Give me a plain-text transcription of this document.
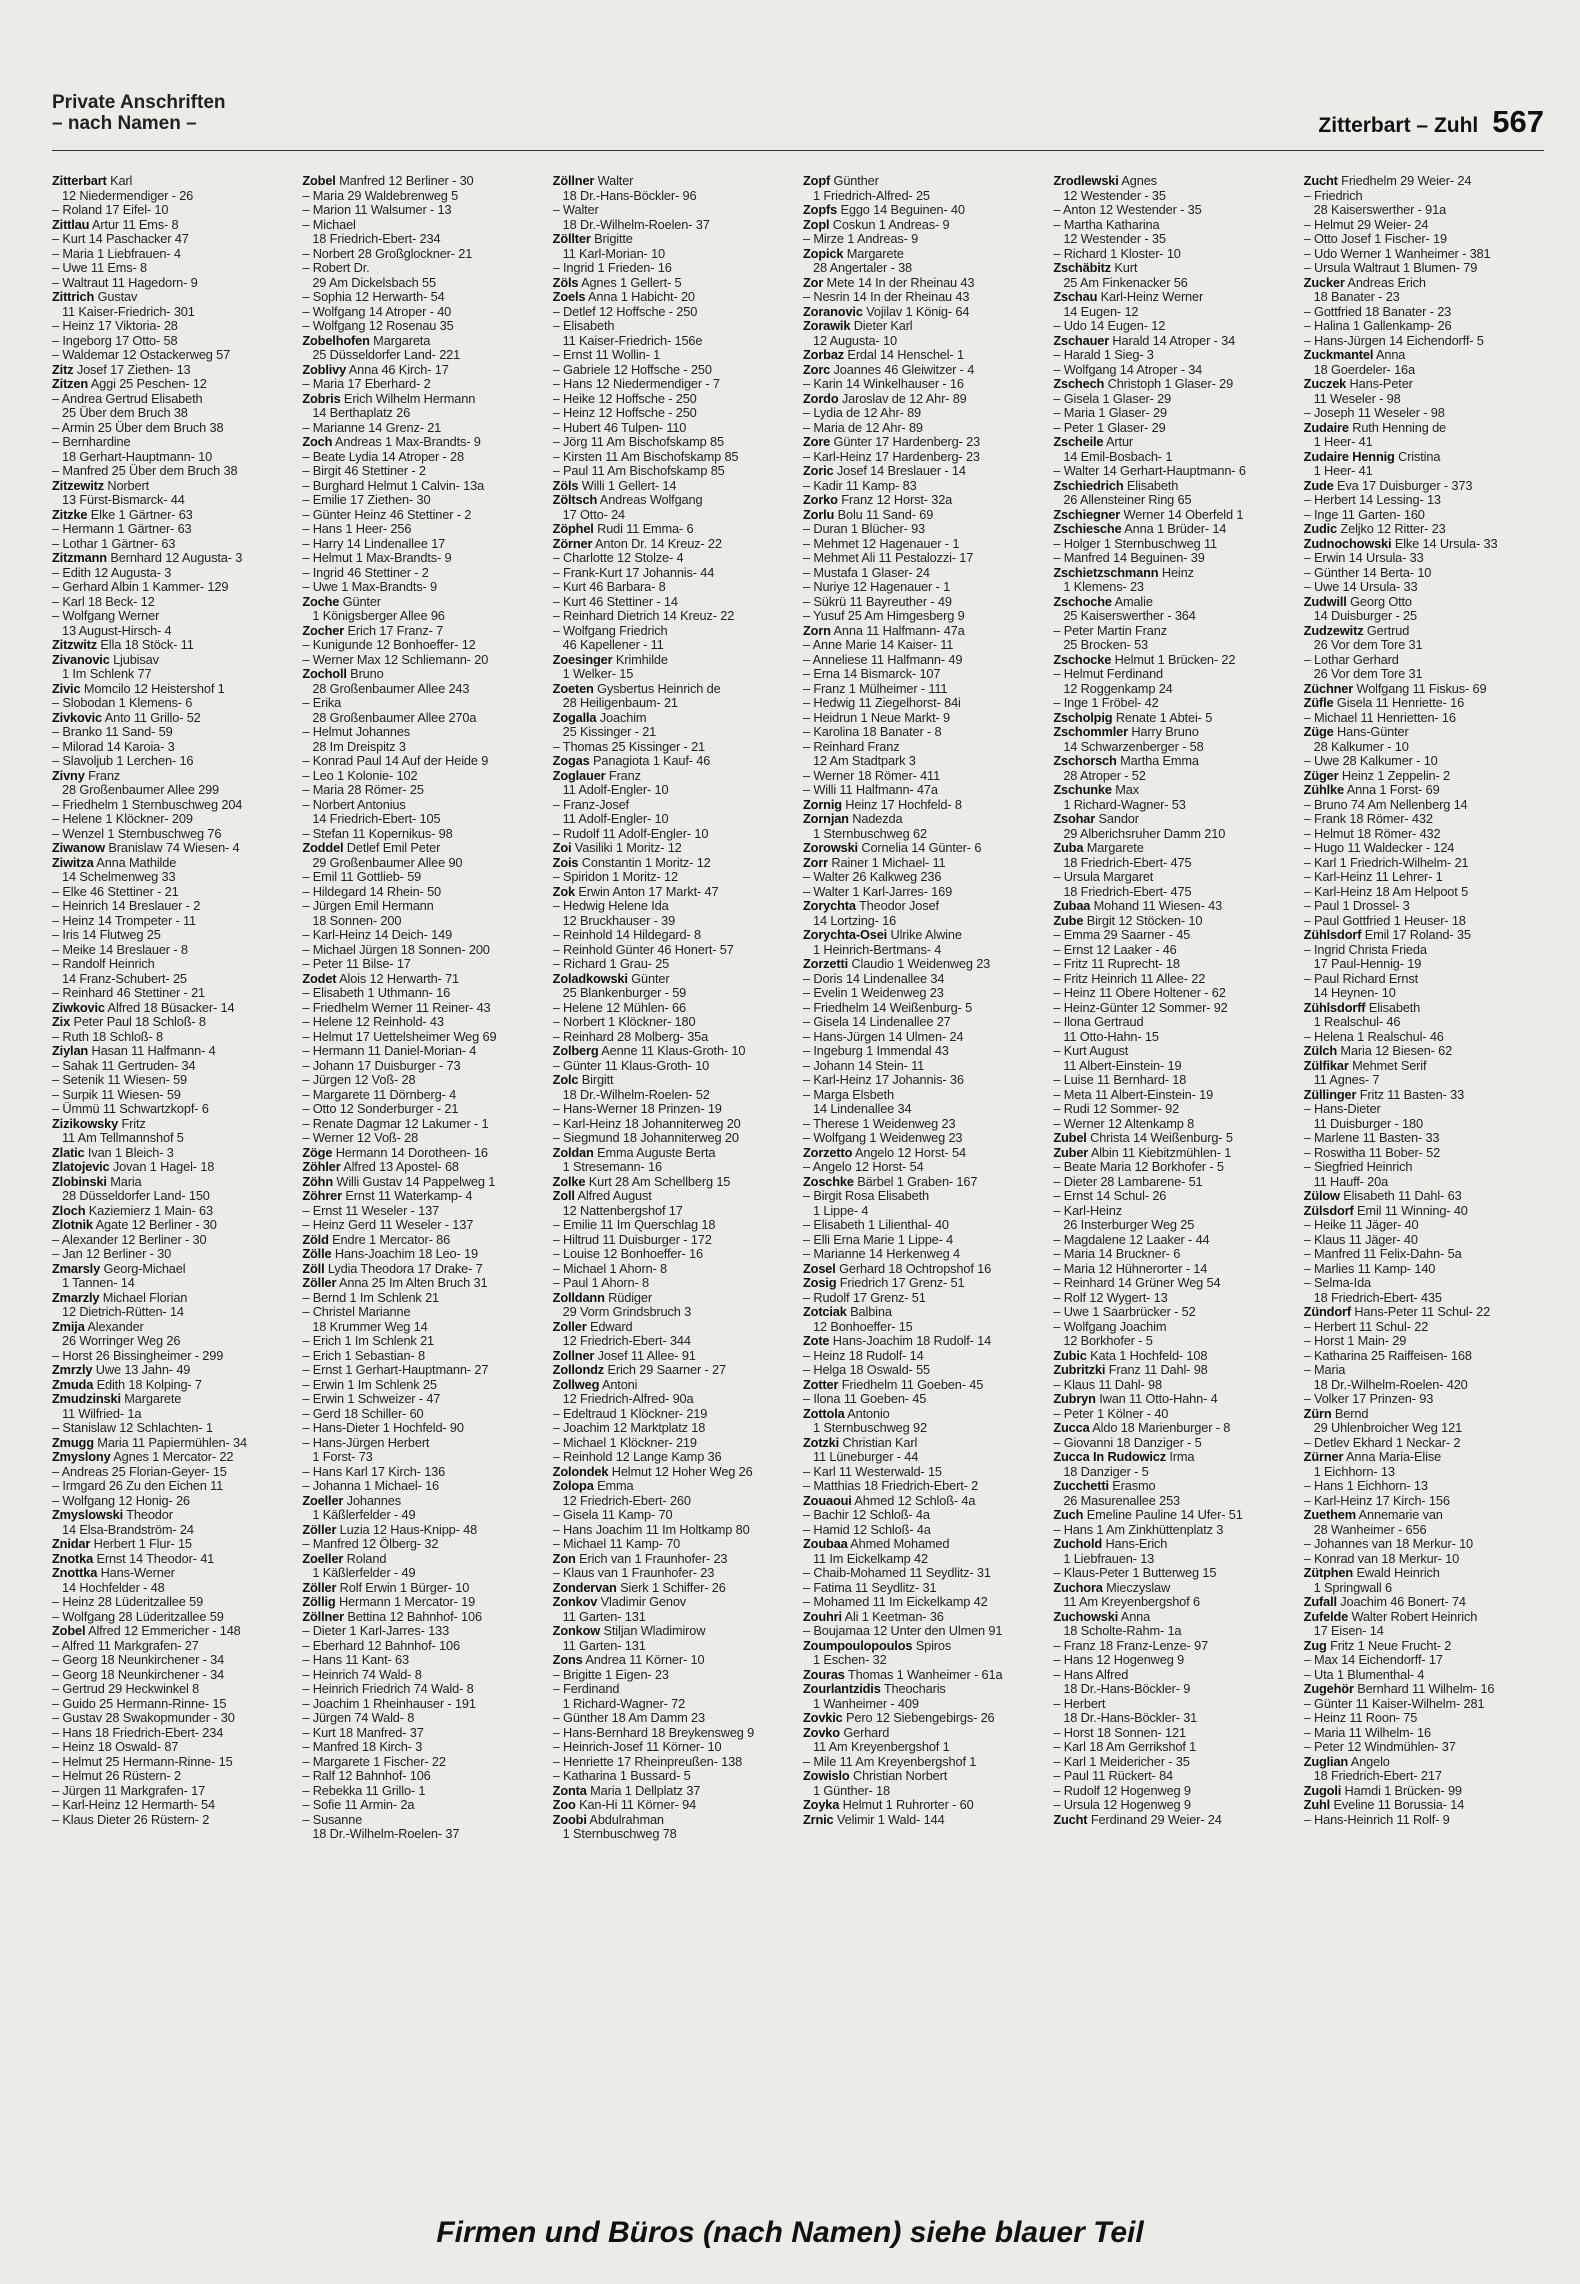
Private Anschriften
– nach Namen –	Zitterbart – Zuhl 567
Zitterbart Karl
12 Niedermendiger - 26
– Roland 17 Eifel- 10
Zittlau Artur 11 Ems- 8
– Kurt 14 Paschacker 47
– Maria 1 Liebfrauen- 4
– Uwe 11 Ems- 8
– Waltraut 11 Hagedorn- 9
Zittrich Gustav
11 Kaiser-Friedrich- 301
– Heinz 17 Viktoria- 28
– Ingeborg 17 Otto- 58
– Waldemar 12 Ostackerweg 57
Zitz Josef 17 Ziethen- 13
Zitzen Aggi 25 Peschen- 12
– Andrea Gertrud Elisabeth
25 Über dem Bruch 38
– Armin 25 Über dem Bruch 38
– Bernhardine
18 Gerhart-Hauptmann- 10
– Manfred 25 Über dem Bruch 38
Zitzewitz Norbert
13 Fürst-Bismarck- 44
Zitzke Elke 1 Gärtner- 63
– Hermann 1 Gärtner- 63
– Lothar 1 Gärtner- 63
Zitzmann Bernhard 12 Augusta- 3
– Edith 12 Augusta- 3
– Gerhard Albin 1 Kammer- 129
– Karl 18 Beck- 12
– Wolfgang Werner
13 August-Hirsch- 4
Zitzwitz Ella 18 Stöck- 11
Zivanovic Ljubisav
1 Im Schlenk 77
Zivic Momcilo 12 Heistershof 1
– Slobodan 1 Klemens- 6
Zivkovic Anto 11 Grillo- 52
– Branko 11 Sand- 59
– Milorad 14 Karoia- 3
– Slavoljub 1 Lerchen- 16
Zivny Franz
28 Großenbaumer Allee 299
– Friedhelm 1 Sternbuschweg 204
– Helene 1 Klöckner- 209
– Wenzel 1 Sternbuschweg 76
Ziwanow Branislaw 74 Wiesen- 4
Ziwitza Anna Mathilde
14 Schelmenweg 33
– Elke 46 Stettiner - 21
– Heinrich 14 Breslauer - 2
– Heinz 14 Trompeter - 11
– Iris 14 Flutweg 25
– Meike 14 Breslauer - 8
– Randolf Heinrich
14 Franz-Schubert- 25
– Reinhard 46 Stettiner - 21
Ziwkovic Alfred 18 Büsacker- 14
Zix Peter Paul 18 Schloß- 8
– Ruth 18 Schloß- 8
Ziylan Hasan 11 Halfmann- 4
– Sahak 11 Gertruden- 34
– Setenik 11 Wiesen- 59
– Surpik 11 Wiesen- 59
– Ümmü 11 Schwartzkopf- 6
Zizikowsky Fritz
11 Am Tellmannshof 5
Zlatic Ivan 1 Bleich- 3
Zlatojevic Jovan 1 Hagel- 18
Zlobinski Maria
28 Düsseldorfer Land- 150
Zloch Kaziemierz 1 Main- 63
Zlotnik Agate 12 Berliner - 30
– Alexander 12 Berliner - 30
– Jan 12 Berliner - 30
Zmarsly Georg-Michael
1 Tannen- 14
Zmarzly Michael Florian
12 Dietrich-Rütten- 14
Zmija Alexander
26 Worringer Weg 26
– Horst 26 Bissingheimer - 299
Zmrzly Uwe 13 Jahn- 49
Zmuda Edith 18 Kolping- 7
Zmudzinski Margarete
11 Wilfried- 1a
– Stanislaw 12 Schlachten- 1
Zmugg Maria 11 Papiermühlen- 34
Zmyslony Agnes 1 Mercator- 22
– Andreas 25 Florian-Geyer- 15
– Irmgard 26 Zu den Eichen 11
– Wolfgang 12 Honig- 26
Zmyslowski Theodor
14 Elsa-Brandström- 24
Znidar Herbert 1 Flur- 15
Znotka Ernst 14 Theodor- 41
Znottka Hans-Werner
14 Hochfelder - 48
– Heinz 28 Lüderitzallee 59
– Wolfgang 28 Lüderitzallee 59
Zobel Alfred 12 Emmericher - 148
– Alfred 11 Markgrafen- 27
– Georg 18 Neunkirchener - 34
– Georg 18 Neunkirchener - 34
– Gertrud 29 Heckwinkel 8
– Guido 25 Hermann-Rinne- 15
– Gustav 28 Swakopmunder - 30
– Hans 18 Friedrich-Ebert- 234
– Heinz 18 Oswald- 87
– Helmut 25 Hermann-Rinne- 15
– Helmut 26 Rüstern- 2
– Jürgen 11 Markgrafen- 17
– Karl-Heinz 12 Hermarth- 54
– Klaus Dieter 26 Rüstern- 2
Zobel Manfred 12 Berliner - 30
– Maria 29 Waldebrenweg 5
– Marion 11 Walsumer - 13
– Michael
18 Friedrich-Ebert- 234
– Norbert 28 Großglockner- 21
– Robert Dr.
29 Am Dickelsbach 55
– Sophia 12 Herwarth- 54
– Wolfgang 14 Atroper - 40
– Wolfgang 12 Rosenau 35
Zobelhofen Margareta
25 Düsseldorfer Land- 221
Zoblivy Anna 46 Kirch- 17
– Maria 17 Eberhard- 2
Zobris Erich Wilhelm Hermann
14 Berthaplatz 26
– Marianne 14 Grenz- 21
Zoch Andreas 1 Max-Brandts- 9
– Beate Lydia 14 Atroper - 28
– Birgit 46 Stettiner - 2
– Burghard Helmut 1 Calvin- 13a
– Emilie 17 Ziethen- 30
– Günter Heinz 46 Stettiner - 2
– Hans 1 Heer- 256
– Harry 14 Lindenallee 17
– Helmut 1 Max-Brandts- 9
– Ingrid 46 Stettiner - 2
– Uwe 1 Max-Brandts- 9
Zoche Günter
1 Königsberger Allee 96
Zocher Erich 17 Franz- 7
– Kunigunde 12 Bonhoeffer- 12
– Werner Max 12 Schliemann- 20
Zocholl Bruno
28 Großenbaumer Allee 243
– Erika
28 Großenbaumer Allee 270a
– Helmut Johannes
28 Im Dreispitz 3
– Konrad Paul 14 Auf der Heide 9
– Leo 1 Kolonie- 102
– Maria 28 Römer- 25
– Norbert Antonius
14 Friedrich-Ebert- 105
– Stefan 11 Kopernikus- 98
Zoddel Detlef Emil Peter
29 Großenbaumer Allee 90
– Emil 11 Gottlieb- 59
– Hildegard 14 Rhein- 50
– Jürgen Emil Hermann
18 Sonnen- 200
– Karl-Heinz 14 Deich- 149
– Michael Jürgen 18 Sonnen- 200
– Peter 11 Bilse- 17
Zodet Alois 12 Herwarth- 71
– Elisabeth 1 Uthmann- 16
– Friedhelm Werner 11 Reiner- 43
– Helene 12 Reinhold- 43
– Helmut 17 Uettelsheimer Weg 69
– Hermann 11 Daniel-Morian- 4
– Johann 17 Duisburger - 73
– Jürgen 12 Voß- 28
– Margarete 11 Dörnberg- 4
– Otto 12 Sonderburger - 21
– Renate Dagmar 12 Lakumer - 1
– Werner 12 Voß- 28
Zöge Hermann 14 Dorotheen- 16
Zöhler Alfred 13 Apostel- 68
Zöhn Willi Gustav 14 Pappelweg 1
Zöhrer Ernst 11 Waterkamp- 4
– Ernst 11 Weseler - 137
– Heinz Gerd 11 Weseler - 137
Zöld Endre 1 Mercator- 86
Zölle Hans-Joachim 18 Leo- 19
Zöll Lydia Theodora 17 Drake- 7
Zöller Anna 25 Im Alten Bruch 31
– Bernd 1 Im Schlenk 21
– Christel Marianne
18 Krummer Weg 14
– Erich 1 Im Schlenk 21
– Erich 1 Sebastian- 8
– Ernst 1 Gerhart-Hauptmann- 27
– Erwin 1 Im Schlenk 25
– Erwin 1 Schweizer - 47
– Gerd 18 Schiller- 60
– Hans-Dieter 1 Hochfeld- 90
– Hans-Jürgen Herbert
1 Forst- 73
– Hans Karl 17 Kirch- 136
– Johanna 1 Michael- 16
Zoeller Johannes
1 Käßlerfelder - 49
Zöller Luzia 12 Haus-Knipp- 48
– Manfred 12 Ölberg- 32
Zoeller Roland
1 Käßlerfelder - 49
Zöller Rolf Erwin 1 Bürger- 10
Zöllig Hermann 1 Mercator- 19
Zöllner Bettina 12 Bahnhof- 106
– Dieter 1 Karl-Jarres- 133
– Eberhard 12 Bahnhof- 106
– Hans 11 Kant- 63
– Heinrich 74 Wald- 8
– Heinrich Friedrich 74 Wald- 8
– Joachim 1 Rheinhauser - 191
– Jürgen 74 Wald- 8
– Kurt 18 Manfred- 37
– Manfred 18 Kirch- 3
– Margarete 1 Fischer- 22
– Ralf 12 Bahnhof- 106
– Rebekka 11 Grillo- 1
– Sofie 11 Armin- 2a
– Susanne
18 Dr.-Wilhelm-Roelen- 37
Zöllner Walter
18 Dr.-Hans-Böckler- 96
– Walter
18 Dr.-Wilhelm-Roelen- 37
Zöllter Brigitte
11 Karl-Morian- 10
– Ingrid 1 Frieden- 16
Zöls Agnes 1 Gellert- 5
Zoels Anna 1 Habicht- 20
– Detlef 12 Hoffsche - 250
– Elisabeth
11 Kaiser-Friedrich- 156e
– Ernst 11 Wollin- 1
– Gabriele 12 Hoffsche - 250
– Hans 12 Niedermendiger - 7
– Heike 12 Hoffsche - 250
– Heinz 12 Hoffsche - 250
– Hubert 46 Tulpen- 110
– Jörg 11 Am Bischofskamp 85
– Kirsten 11 Am Bischofskamp 85
– Paul 11 Am Bischofskamp 85
Zöls Willi 1 Gellert- 14
Zöltsch Andreas Wolfgang
17 Otto- 24
Zöphel Rudi 11 Emma- 6
Zörner Anton Dr. 14 Kreuz- 22
– Charlotte 12 Stolze- 4
– Frank-Kurt 17 Johannis- 44
– Kurt 46 Barbara- 8
– Kurt 46 Stettiner - 14
– Reinhard Dietrich 14 Kreuz- 22
– Wolfgang Friedrich
46 Kapellener - 11
Zoesinger Krimhilde
1 Welker- 15
Zoeten Gysbertus Heinrich de
28 Heiligenbaum- 21
Zogalla Joachim
25 Kissinger - 21
– Thomas 25 Kissinger - 21
Zogas Panagiota 1 Kauf- 46
Zoglauer Franz
11 Adolf-Engler- 10
– Franz-Josef
11 Adolf-Engler- 10
– Rudolf 11 Adolf-Engler- 10
Zoi Vasiliki 1 Moritz- 12
Zois Constantin 1 Moritz- 12
– Spiridon 1 Moritz- 12
Zok Erwin Anton 17 Markt- 47
– Hedwig Helene Ida
12 Bruckhauser - 39
– Reinhold 14 Hildegard- 8
– Reinhold Günter 46 Honert- 57
– Richard 1 Grau- 25
Zoladkowski Günter
25 Blankenburger - 59
– Helene 12 Mühlen- 66
– Norbert 1 Klöckner- 180
– Reinhard 28 Molberg- 35a
Zolberg Aenne 11 Klaus-Groth- 10
– Günter 11 Klaus-Groth- 10
Zolc Birgitt
18 Dr.-Wilhelm-Roelen- 52
– Hans-Werner 18 Prinzen- 19
– Karl-Heinz 18 Johanniterweg 20
– Siegmund 18 Johanniterweg 20
Zoldan Emma Auguste Berta
1 Stresemann- 16
Zolke Kurt 28 Am Schellberg 15
Zoll Alfred August
12 Nattenbergshof 17
– Emilie 11 Im Querschlag 18
– Hiltrud 11 Duisburger - 172
– Louise 12 Bonhoeffer- 16
– Michael 1 Ahorn- 8
– Paul 1 Ahorn- 8
Zolldann Rüdiger
29 Vorm Grindsbruch 3
Zoller Edward
12 Friedrich-Ebert- 344
Zollner Josef 11 Allee- 91
Zollondz Erich 29 Saarner - 27
Zollweg Antoni
12 Friedrich-Alfred- 90a
– Edeltraud 1 Klöckner- 219
– Joachim 12 Marktplatz 18
– Michael 1 Klöckner- 219
– Reinhold 12 Lange Kamp 36
Zolondek Helmut 12 Hoher Weg 26
Zolopa Emma
12 Friedrich-Ebert- 260
– Gisela 11 Kamp- 70
– Hans Joachim 11 Im Holtkamp 80
– Michael 11 Kamp- 70
Zon Erich van 1 Fraunhofer- 23
– Klaus van 1 Fraunhofer- 23
Zondervan Sierk 1 Schiffer- 26
Zonkov Vladimir Genov
11 Garten- 131
Zonkow Stiljan Wladimirow
11 Garten- 131
Zons Andrea 11 Körner- 10
– Brigitte 1 Eigen- 23
– Ferdinand
1 Richard-Wagner- 72
– Günther 18 Am Damm 23
– Hans-Bernhard 18 Breykensweg 9
– Heinrich-Josef 11 Körner- 10
– Henriette 17 Rheinpreußen- 138
– Katharina 1 Bussard- 5
Zonta Maria 1 Dellplatz 37
Zoo Kan-Hi 11 Körner- 94
Zoobi Abdulrahman
1 Sternbuschweg 78
Zopf Günther
1 Friedrich-Alfred- 25
Zopfs Eggo 14 Beguinen- 40
Zopl Coskun 1 Andreas- 9
– Mirze 1 Andreas- 9
Zopick Margarete
28 Angertaler - 38
Zor Mete 14 In der Rheinau 43
– Nesrin 14 In der Rheinau 43
Zoranovic Vojilav 1 König- 64
Zorawik Dieter Karl
12 Augusta- 10
Zorbaz Erdal 14 Henschel- 1
Zorc Joannes 46 Gleiwitzer - 4
– Karin 14 Winkelhauser - 16
Zordo Jaroslav de 12 Ahr- 89
– Lydia de 12 Ahr- 89
– Maria de 12 Ahr- 89
Zore Günter 17 Hardenberg- 23
– Karl-Heinz 17 Hardenberg- 23
Zoric Josef 14 Breslauer - 14
– Kadir 11 Kamp- 83
Zorko Franz 12 Horst- 32a
Zorlu Bolu 11 Sand- 69
– Duran 1 Blücher- 93
– Mehmet 12 Hagenauer - 1
– Mehmet Ali 11 Pestalozzi- 17
– Mustafa 1 Glaser- 24
– Nuriye 12 Hagenauer - 1
– Sükrü 11 Bayreuther - 49
– Yusuf 25 Am Himgesberg 9
Zorn Anna 11 Halfmann- 47a
– Anne Marie 14 Kaiser- 11
– Anneliese 11 Halfmann- 49
– Erna 14 Bismarck- 107
– Franz 1 Mülheimer - 111
– Hedwig 11 Ziegelhorst- 84i
– Heidrun 1 Neue Markt- 9
– Karolina 18 Banater - 8
– Reinhard Franz
12 Am Stadtpark 3
– Werner 18 Römer- 411
– Willi 11 Halfmann- 47a
Zornig Heinz 17 Hochfeld- 8
Zornjan Nadezda
1 Sternbuschweg 62
Zorowski Cornelia 14 Günter- 6
Zorr Rainer 1 Michael- 11
– Walter 26 Kalkweg 236
– Walter 1 Karl-Jarres- 169
Zorychta Theodor Josef
14 Lortzing- 16
Zorychta-Osei Ulrike Alwine
1 Heinrich-Bertmans- 4
Zorzetti Claudio 1 Weidenweg 23
– Doris 14 Lindenallee 34
– Evelin 1 Weidenweg 23
– Friedhelm 14 Weißenburg- 5
– Gisela 14 Lindenallee 27
– Hans-Jürgen 14 Ulmen- 24
– Ingeburg 1 Immendal 43
– Johann 14 Stein- 11
– Karl-Heinz 17 Johannis- 36
– Marga Elsbeth
14 Lindenallee 34
– Therese 1 Weidenweg 23
– Wolfgang 1 Weidenweg 23
Zorzetto Angelo 12 Horst- 54
– Angelo 12 Horst- 54
Zoschke Bärbel 1 Graben- 167
– Birgit Rosa Elisabeth
1 Lippe- 4
– Elisabeth 1 Lilienthal- 40
– Elli Erna Marie 1 Lippe- 4
– Marianne 14 Herkenweg 4
Zosel Gerhard 18 Ochtropshof 16
Zosig Friedrich 17 Grenz- 51
– Rudolf 17 Grenz- 51
Zotciak Balbina
12 Bonhoeffer- 15
Zote Hans-Joachim 18 Rudolf- 14
– Heinz 18 Rudolf- 14
– Helga 18 Oswald- 55
Zotter Friedhelm 11 Goeben- 45
– Ilona 11 Goeben- 45
Zottola Antonio
1 Sternbuschweg 92
Zotzki Christian Karl
11 Lüneburger - 44
– Karl 11 Westerwald- 15
– Matthias 18 Friedrich-Ebert- 2
Zouaoui Ahmed 12 Schloß- 4a
– Bachir 12 Schloß- 4a
– Hamid 12 Schloß- 4a
Zoubaa Ahmed Mohamed
11 Im Eickelkamp 42
– Chaib-Mohamed 11 Seydlitz- 31
– Fatima 11 Seydlitz- 31
– Mohamed 11 Im Eickelkamp 42
Zouhri Ali 1 Keetman- 36
– Boujamaa 12 Unter den Ulmen 91
Zoumpoulopoulos Spiros
1 Eschen- 32
Zouras Thomas 1 Wanheimer - 61a
Zourlantzidis Theocharis
1 Wanheimer - 409
Zovkic Pero 12 Siebengebirgs- 26
Zovko Gerhard
11 Am Kreyenbergshof 1
– Mile 11 Am Kreyenbergshof 1
Zowislo Christian Norbert
1 Günther- 18
Zoyka Helmut 1 Ruhrorter - 60
Zrnic Velimir 1 Wald- 144
Zrodlewski Agnes
12 Westender - 35
– Anton 12 Westender - 35
– Martha Katharina
12 Westender - 35
– Richard 1 Kloster- 10
Zschäbitz Kurt
25 Am Finkenacker 56
Zschau Karl-Heinz Werner
14 Eugen- 12
– Udo 14 Eugen- 12
Zschauer Harald 14 Atroper - 34
– Harald 1 Sieg- 3
– Wolfgang 14 Atroper - 34
Zschech Christoph 1 Glaser- 29
– Gisela 1 Glaser- 29
– Maria 1 Glaser- 29
– Peter 1 Glaser- 29
Zscheile Artur
14 Emil-Bosbach- 1
– Walter 14 Gerhart-Hauptmann- 6
Zschiedrich Elisabeth
26 Allensteiner Ring 65
Zschiegner Werner 14 Oberfeld 1
Zschiesche Anna 1 Brüder- 14
– Holger 1 Sternbuschweg 11
– Manfred 14 Beguinen- 39
Zschietzschmann Heinz
1 Klemens- 23
Zschoche Amalie
25 Kaiserswerther - 364
– Peter Martin Franz
25 Brocken- 53
Zschocke Helmut 1 Brücken- 22
– Helmut Ferdinand
12 Roggenkamp 24
– Inge 1 Fröbel- 42
Zscholpig Renate 1 Abtei- 5
Zschommler Harry Bruno
14 Schwarzenberger - 58
Zschorsch Martha Emma
28 Atroper - 52
Zschunke Max
1 Richard-Wagner- 53
Zsohar Sandor
29 Alberichsruher Damm 210
Zuba Margarete
18 Friedrich-Ebert- 475
– Ursula Margaret
18 Friedrich-Ebert- 475
Zubaa Mohand 11 Wiesen- 43
Zube Birgit 12 Stöcken- 10
– Emma 29 Saarner - 45
– Ernst 12 Laaker - 46
– Fritz 11 Ruprecht- 18
– Fritz Heinrich 11 Allee- 22
– Heinz 11 Obere Holtener - 62
– Heinz-Günter 12 Sommer- 92
– Ilona Gertraud
11 Otto-Hahn- 15
– Kurt August
11 Albert-Einstein- 19
– Luise 11 Bernhard- 18
– Meta 11 Albert-Einstein- 19
– Rudi 12 Sommer- 92
– Werner 12 Altenkamp 8
Zubel Christa 14 Weißenburg- 5
Zuber Albin 11 Kiebitzmühlen- 1
– Beate Maria 12 Borkhofer - 5
– Dieter 28 Lambarene- 51
– Ernst 14 Schul- 26
– Karl-Heinz
26 Insterburger Weg 25
– Magdalene 12 Laaker - 44
– Maria 14 Bruckner- 6
– Maria 12 Hühnerorter - 14
– Reinhard 14 Grüner Weg 54
– Rolf 12 Wygert- 13
– Uwe 1 Saarbrücker - 52
– Wolfgang Joachim
12 Borkhofer - 5
Zubic Kata 1 Hochfeld- 108
Zubritzki Franz 11 Dahl- 98
– Klaus 11 Dahl- 98
Zubryn Iwan 11 Otto-Hahn- 4
– Peter 1 Kölner - 40
Zucca Aldo 18 Marienburger - 8
– Giovanni 18 Danziger - 5
Zucca In Rudowicz Irma
18 Danziger - 5
Zucchetti Erasmo
26 Masurenallee 253
Zuch Emeline Pauline 14 Ufer- 51
– Hans 1 Am Zinkhüttenplatz 3
Zuchold Hans-Erich
1 Liebfrauen- 13
– Klaus-Peter 1 Butterweg 15
Zuchora Mieczyslaw
11 Am Kreyenbergshof 6
Zuchowski Anna
18 Scholte-Rahm- 1a
– Franz 18 Franz-Lenze- 97
– Hans 12 Hogenweg 9
– Hans Alfred
18 Dr.-Hans-Böckler- 9
– Herbert
18 Dr.-Hans-Böckler- 31
– Horst 18 Sonnen- 121
– Karl 18 Am Gerrikshof 1
– Karl 1 Meidericher - 35
– Paul 11 Rückert- 84
– Rudolf 12 Hogenweg 9
– Ursula 12 Hogenweg 9
Zucht Ferdinand 29 Weier- 24
Zucht Friedhelm 29 Weier- 24
– Friedrich
28 Kaiserswerther - 91a
– Helmut 29 Weier- 24
– Otto Josef 1 Fischer- 19
– Udo Werner 1 Wanheimer - 381
– Ursula Waltraut 1 Blumen- 79
Zucker Andreas Erich
18 Banater - 23
– Gottfried 18 Banater - 23
– Halina 1 Gallenkamp- 26
– Hans-Jürgen 14 Eichendorff- 5
Zuckmantel Anna
18 Goerdeler- 16a
Zuczek Hans-Peter
11 Weseler - 98
– Joseph 11 Weseler - 98
Zudaire Ruth Henning de
1 Heer- 41
Zudaire Hennig Cristina
1 Heer- 41
Zude Eva 17 Duisburger - 373
– Herbert 14 Lessing- 13
– Inge 11 Garten- 160
Zudic Zeljko 12 Ritter- 23
Zudnochowski Elke 14 Ursula- 33
– Erwin 14 Ursula- 33
– Günther 14 Berta- 10
– Uwe 14 Ursula- 33
Zudwill Georg Otto
14 Duisburger - 25
Zudzewitz Gertrud
26 Vor dem Tore 31
– Lothar Gerhard
26 Vor dem Tore 31
Züchner Wolfgang 11 Fiskus- 69
Züfle Gisela 11 Henriette- 16
– Michael 11 Henrietten- 16
Züge Hans-Günter
28 Kalkumer - 10
– Uwe 28 Kalkumer - 10
Züger Heinz 1 Zeppelin- 2
Zühlke Anna 1 Forst- 69
– Bruno 74 Am Nellenberg 14
– Frank 18 Römer- 432
– Helmut 18 Römer- 432
– Hugo 11 Waldecker - 124
– Karl 1 Friedrich-Wilhelm- 21
– Karl-Heinz 11 Lehrer- 1
– Karl-Heinz 18 Am Helpoot 5
– Paul 1 Drossel- 3
– Paul Gottfried 1 Heuser- 18
Zühlsdorf Emil 17 Roland- 35
– Ingrid Christa Frieda
17 Paul-Hennig- 19
– Paul Richard Ernst
14 Heynen- 10
Zühlsdorff Elisabeth
1 Realschul- 46
– Helena 1 Realschul- 46
Zülch Maria 12 Biesen- 62
Zülfikar Mehmet Serif
11 Agnes- 7
Züllinger Fritz 11 Basten- 33
– Hans-Dieter
11 Duisburger - 180
– Marlene 11 Basten- 33
– Roswitha 11 Bober- 52
– Siegfried Heinrich
11 Hauff- 20a
Zülow Elisabeth 11 Dahl- 63
Zülsdorf Emil 11 Winning- 40
– Heike 11 Jäger- 40
– Klaus 11 Jäger- 40
– Manfred 11 Felix-Dahn- 5a
– Marlies 11 Kamp- 140
– Selma-Ida
18 Friedrich-Ebert- 435
Zündorf Hans-Peter 11 Schul- 22
– Herbert 11 Schul- 22
– Horst 1 Main- 29
– Katharina 25 Raiffeisen- 168
– Maria
18 Dr.-Wilhelm-Roelen- 420
– Volker 17 Prinzen- 93
Zürn Bernd
29 Uhlenbroicher Weg 121
– Detlev Ekhard 1 Neckar- 2
Zürner Anna Maria-Elise
1 Eichhorn- 13
– Hans 1 Eichhorn- 13
– Karl-Heinz 17 Kirch- 156
Zuethem Annemarie van
28 Wanheimer - 656
– Johannes van 18 Merkur- 10
– Konrad van 18 Merkur- 10
Zütphen Ewald Heinrich
1 Springwall 6
Zufall Joachim 46 Bonert- 74
Zufelde Walter Robert Heinrich
17 Eisen- 14
Zug Fritz 1 Neue Frucht- 2
– Max 14 Eichendorff- 17
– Uta 1 Blumenthal- 4
Zugehör Bernhard 11 Wilhelm- 16
– Günter 11 Kaiser-Wilhelm- 281
– Heinz 11 Roon- 75
– Maria 11 Wilhelm- 16
– Peter 12 Windmühlen- 37
Zuglian Angelo
18 Friedrich-Ebert- 217
Zugoli Hamdi 1 Brücken- 99
Zuhl Eveline 11 Borussia- 14
– Hans-Heinrich 11 Rolf- 9
Firmen und Büros (nach Namen) siehe blauer Teil
